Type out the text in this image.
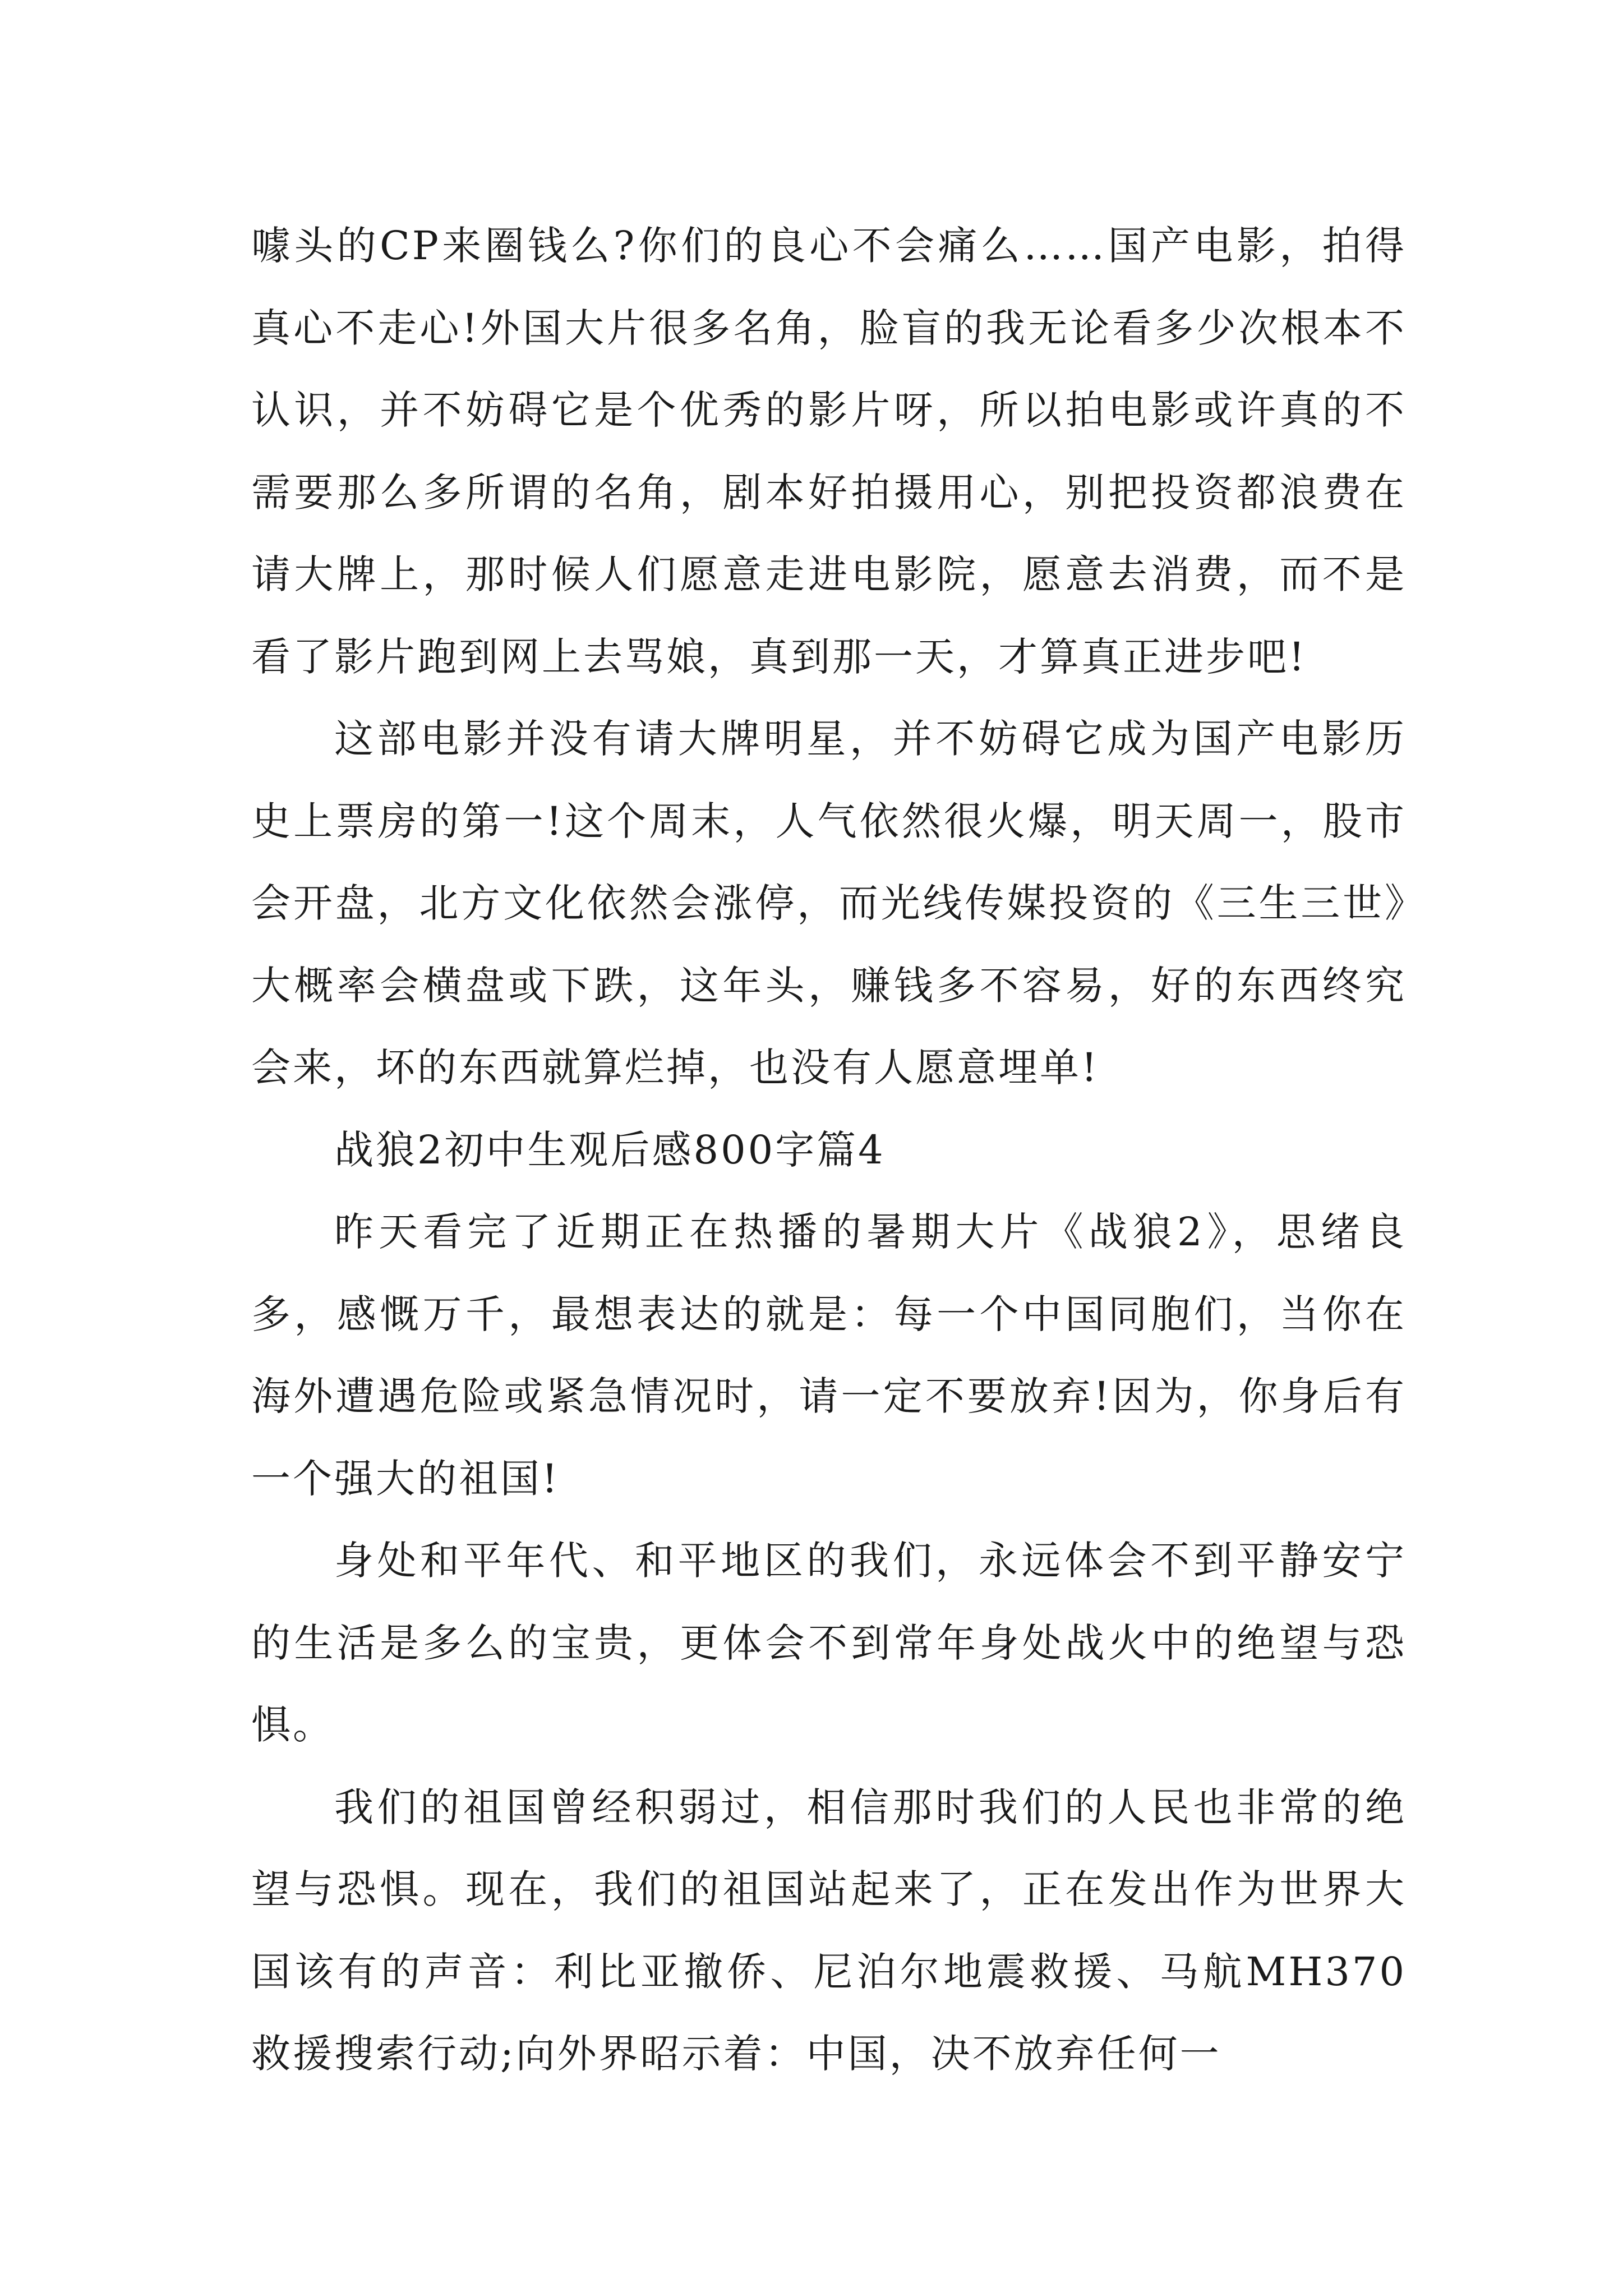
噱头的CP来圈钱么?你们的良心不会痛么……国产电影，拍得真心不走心!外国大片很多名角，脸盲的我无论看多少次根本不认识，并不妨碍它是个优秀的影片呀，所以拍电影或许真的不需要那么多所谓的名角，剧本好拍摄用心，别把投资都浪费在请大牌上，那时候人们愿意走进电影院，愿意去消费，而不是看了影片跑到网上去骂娘，真到那一天，才算真正进步吧!

这部电影并没有请大牌明星，并不妨碍它成为国产电影历史上票房的第一!这个周末，人气依然很火爆，明天周一，股市会开盘，北方文化依然会涨停，而光线传媒投资的《三生三世》大概率会横盘或下跌，这年头，赚钱多不容易，好的东西终究会来，坏的东西就算烂掉，也没有人愿意埋单!

战狼2初中生观后感800字篇4

昨天看完了近期正在热播的暑期大片《战狼2》，思绪良多，感慨万千，最想表达的就是：每一个中国同胞们，当你在海外遭遇危险或紧急情况时，请一定不要放弃!因为，你身后有一个强大的祖国!

身处和平年代、和平地区的我们，永远体会不到平静安宁的生活是多么的宝贵，更体会不到常年身处战火中的绝望与恐惧。

我们的祖国曾经积弱过，相信那时我们的人民也非常的绝望与恐惧。现在，我们的祖国站起来了，正在发出作为世界大国该有的声音：利比亚撤侨、尼泊尔地震救援、马航MH370救援搜索行动;向外界昭示着：中国，决不放弃任何一
